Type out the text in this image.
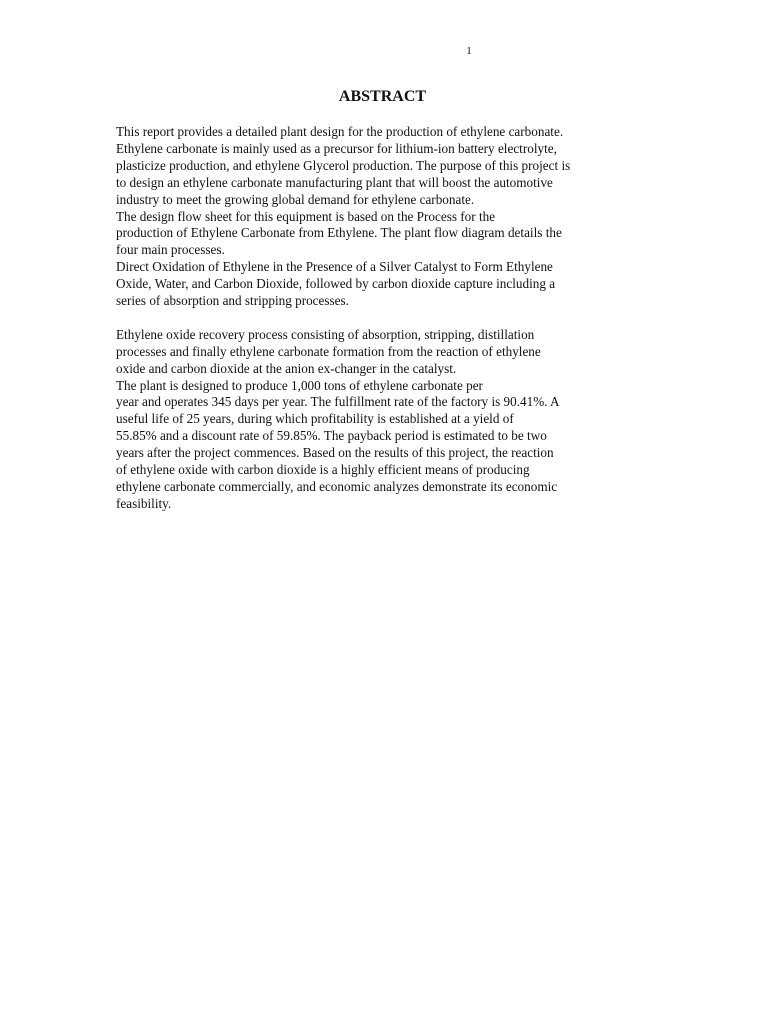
1
ABSTRACT
This report provides a detailed plant design for the production of ethylene carbonate.
Ethylene carbonate is mainly used as a precursor for lithium-ion battery electrolyte,
plasticize production, and ethylene Glycerol production. The purpose of this project is
to design an ethylene carbonate manufacturing plant that will boost the automotive
industry to meet the growing global demand for ethylene carbonate.
The design flow sheet for this equipment is based on the Process for the
production of Ethylene Carbonate from Ethylene. The plant flow diagram details the
four main processes.
Direct Oxidation of Ethylene in the Presence of a Silver Catalyst to Form Ethylene
Oxide, Water, and Carbon Dioxide, followed by carbon dioxide capture including a
series of absorption and stripping processes.
Ethylene oxide recovery process consisting of absorption, stripping, distillation
processes and finally ethylene carbonate formation from the reaction of ethylene
oxide and carbon dioxide at the anion ex-changer in the catalyst.
The plant is designed to produce 1,000 tons of ethylene carbonate per
year and operates 345 days per year. The fulfillment rate of the factory is 90.41%. A
useful life of 25 years, during which profitability is established at a yield of
55.85% and a discount rate of 59.85%. The payback period is estimated to be two
years after the project commences. Based on the results of this project, the reaction
of ethylene oxide with carbon dioxide is a highly efficient means of producing
ethylene carbonate commercially, and economic analyzes demonstrate its economic
feasibility.
